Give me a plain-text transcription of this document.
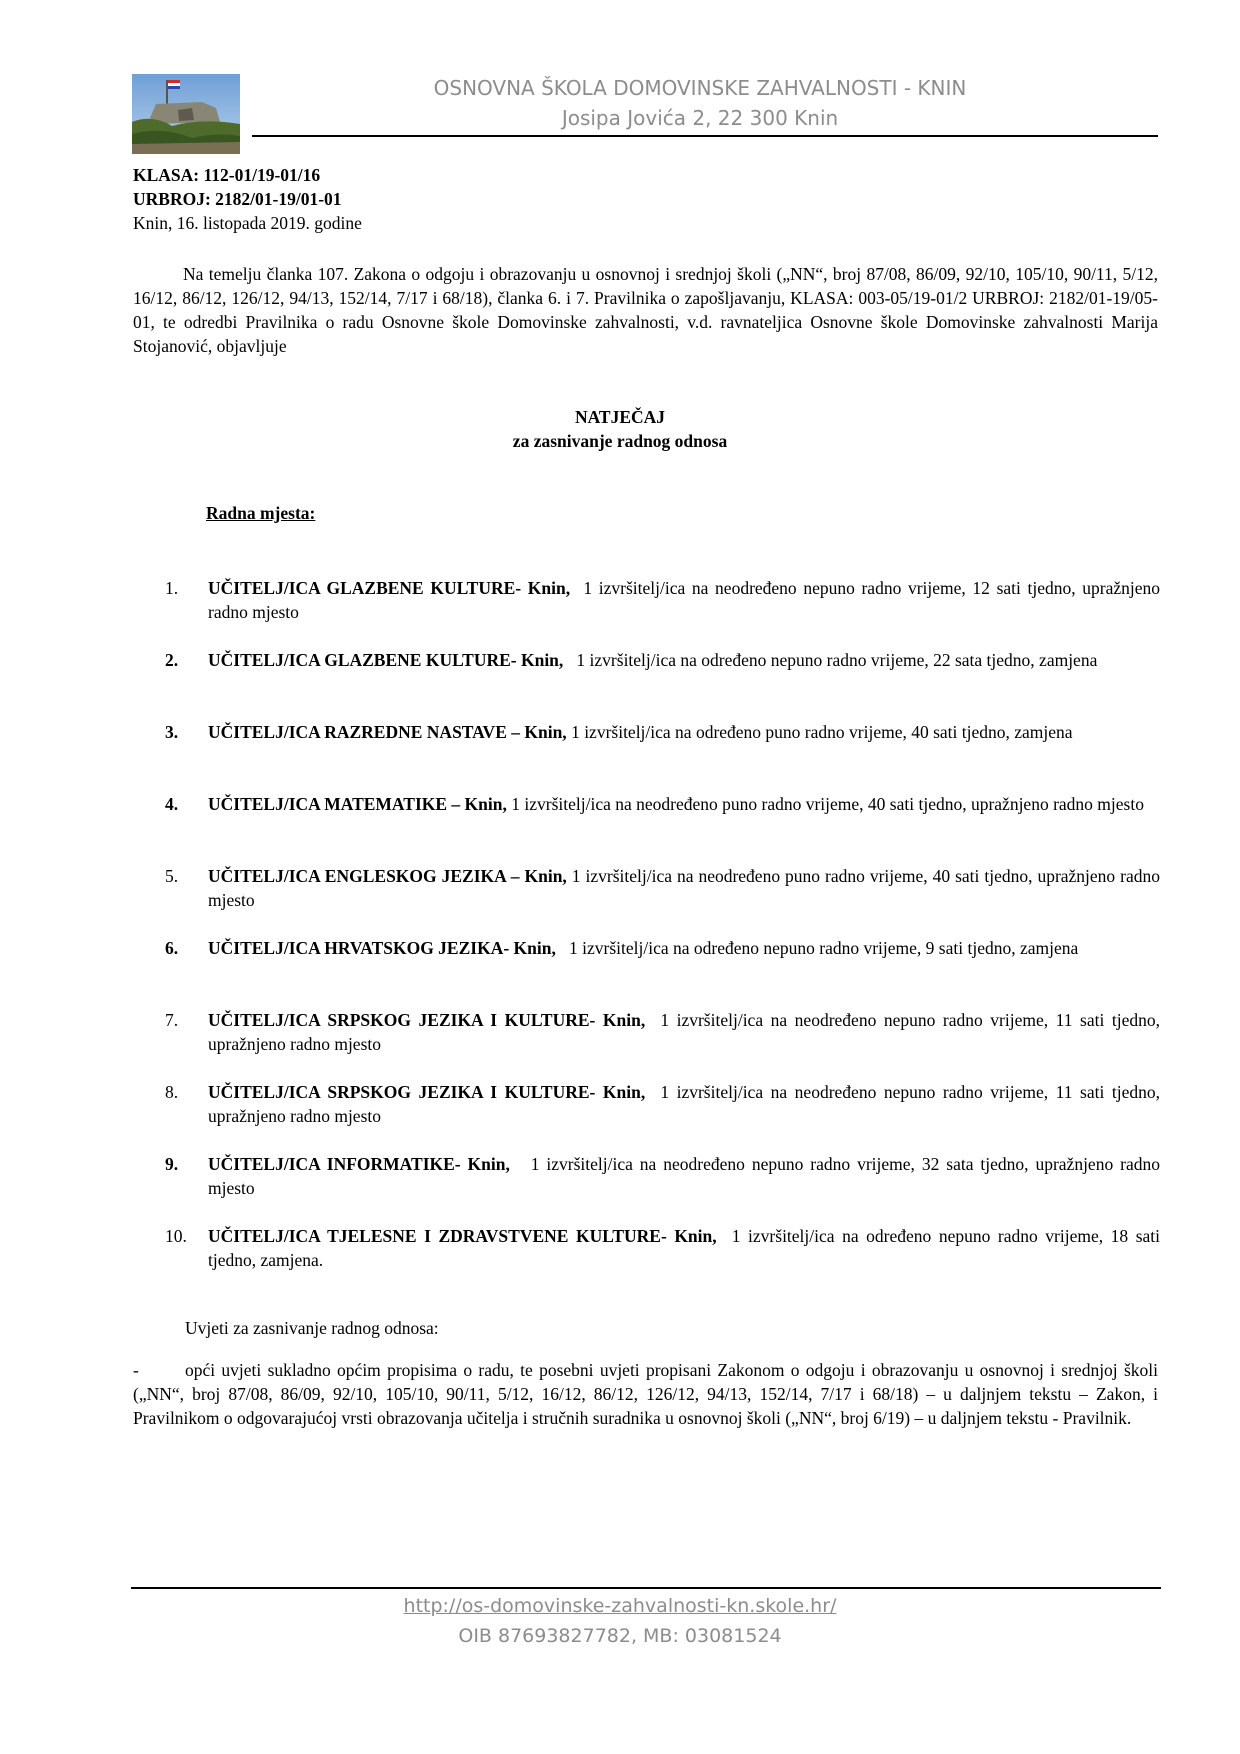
OSNOVNA ŠKOLA DOMOVINSKE ZAHVALNOSTI - KNIN
Josipa Jovića 2, 22 300 Knin
KLASA: 112-01/19-01/16
URBROJ: 2182/01-19/01-01
Knin, 16. listopada 2019. godine

Na temelju članka 107. Zakona o odgoju i obrazovanju u osnovnoj i srednjoj školi („NN“, broj 87/08, 86/09, 92/10, 105/10, 90/11, 5/12, 16/12, 86/12, 126/12, 94/13, 152/14, 7/17 i 68/18), članka 6. i 7. Pravilnika o zapošljavanju, KLASA: 003-05/19-01/2 URBROJ: 2182/01-19/05-01, te odredbi Pravilnika o radu Osnovne škole Domovinske zahvalnosti, v.d. ravnateljica Osnovne škole Domovinske zahvalnosti Marija Stojanović, objavljuje

NATJEČAJ
za zasnivanje radnog odnosa
Radna mjesta:
1.	UČITELJ/ICA GLAZBENE KULTURE- Knin, 1 izvršitelj/ica na neodređeno nepuno radno vrijeme, 12 sati tjedno, upražnjeno radno mjesto
2.	UČITELJ/ICA GLAZBENE KULTURE- Knin, 1 izvršitelj/ica na određeno nepuno radno vrijeme, 22 sata tjedno, zamjena
3.	UČITELJ/ICA RAZREDNE NASTAVE – Knin, 1 izvršitelj/ica na određeno puno radno vrijeme, 40 sati tjedno, zamjena
4.	UČITELJ/ICA MATEMATIKE – Knin, 1 izvršitelj/ica na neodređeno puno radno vrijeme, 40 sati tjedno, upražnjeno radno mjesto
5.	UČITELJ/ICA ENGLESKOG JEZIKA – Knin, 1 izvršitelj/ica na neodređeno puno radno vrijeme, 40 sati tjedno, upražnjeno radno mjesto
6.	UČITELJ/ICA HRVATSKOG JEZIKA- Knin, 1 izvršitelj/ica na određeno nepuno radno vrijeme, 9 sati tjedno, zamjena
7.	UČITELJ/ICA SRPSKOG JEZIKA I KULTURE- Knin, 1 izvršitelj/ica na neodređeno nepuno radno vrijeme, 11 sati tjedno, upražnjeno radno mjesto
8.	UČITELJ/ICA SRPSKOG JEZIKA I KULTURE- Knin, 1 izvršitelj/ica na neodređeno nepuno radno vrijeme, 11 sati tjedno, upražnjeno radno mjesto
9.	UČITELJ/ICA INFORMATIKE- Knin, 1 izvršitelj/ica na neodređeno nepuno radno vrijeme, 32 sata tjedno, upražnjeno radno mjesto
10.	UČITELJ/ICA TJELESNE I ZDRAVSTVENE KULTURE- Knin, 1 izvršitelj/ica na određeno nepuno radno vrijeme, 18 sati tjedno, zamjena.
Uvjeti za zasnivanje radnog odnosa:

-	opći uvjeti sukladno općim propisima o radu, te posebni uvjeti propisani Zakonom o odgoju i obrazovanju u osnovnoj i srednjoj školi („NN“, broj 87/08, 86/09, 92/10, 105/10, 90/11, 5/12, 16/12, 86/12, 126/12, 94/13, 152/14, 7/17 i 68/18) – u daljnjem tekstu – Zakon, i Pravilnikom o odgovarajućoj vrsti obrazovanja učitelja i stručnih suradnika u osnovnoj školi („NN“, broj 6/19) – u daljnjem tekstu - Pravilnik.

http://os-domovinske-zahvalnosti-kn.skole.hr/
OIB 87693827782, MB: 03081524
